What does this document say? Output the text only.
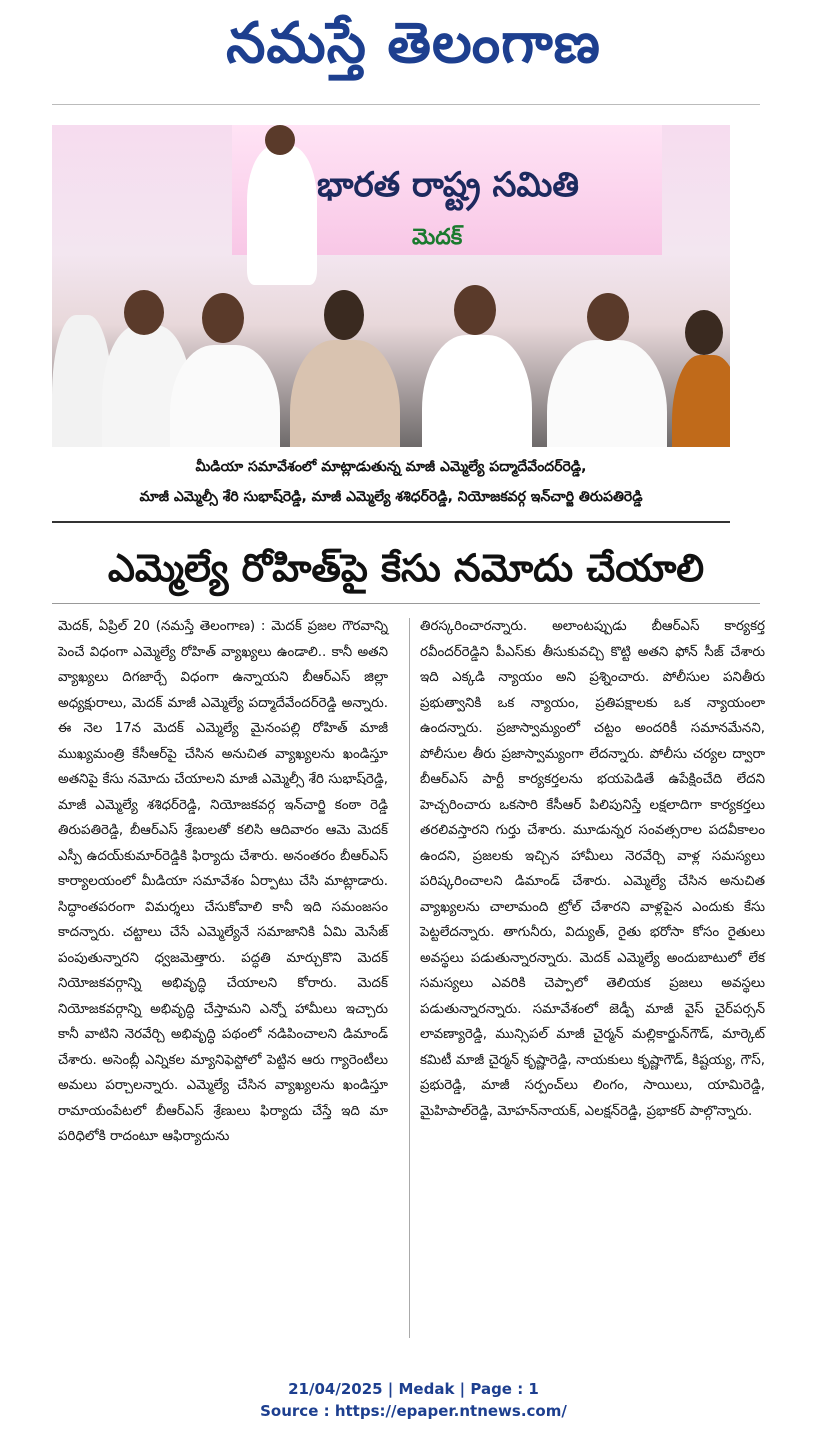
నమస్తే తెలంగాణ
భారత రాష్ట్ర సమితి
మెదక్
మీడియా సమావేశంలో మాట్లాడుతున్న మాజీ ఎమ్మెల్యే పద్మాదేవేందర్‌రెడ్డి,
మాజీ ఎమ్మెల్సీ శేరి సుభాష్‌రెడ్డి, మాజీ ఎమ్మెల్యే శశిధర్‌రెడ్డి, నియోజకవర్గ ఇన్‌చార్జి తిరుపతిరెడ్డి
ఎమ్మెల్యే రోహిత్‌పై కేసు నమోదు చేయాలి

మెదక్, ఏప్రిల్ 20 (నమస్తే తెలంగాణ) : మెదక్ ప్రజల గౌరవాన్ని పెంచే విధంగా ఎమ్మెల్యే రోహిత్ వ్యాఖ్యలు ఉండాలి.. కానీ అతని వ్యాఖ్యలు దిగజార్చే విధంగా ఉన్నాయని బీఆర్‌ఎస్ జిల్లా అధ్యక్షురాలు, మెదక్ మాజీ ఎమ్మెల్యే పద్మాదేవేందర్‌రెడ్డి అన్నారు. ఈ నెల 17న మెదక్ ఎమ్మెల్యే మైనంపల్లి రోహిత్ మాజీ ముఖ్యమంత్రి కేసీఆర్‌పై చేసిన అనుచిత వ్యాఖ్యలను ఖండిస్తూ అతనిపై కేసు నమోదు చేయాలని మాజీ ఎమ్మెల్సీ శేరి సుభాష్‌రెడ్డి, మాజీ ఎమ్మెల్యే శశిధర్‌రెడ్డి, నియోజకవర్గ ఇన్‌చార్జి కంఠా రెడ్డి తిరుపతిరెడ్డి, బీఆర్‌ఎస్ శ్రేణులతో కలిసి ఆదివారం ఆమె మెదక్ ఎస్పీ ఉదయ్‌కుమార్‌రెడ్డికి ఫిర్యాదు చేశారు. అనంతరం బీఆర్‌ఎస్ కార్యాలయంలో మీడియా సమావేశం ఏర్పాటు చేసి మాట్లాడారు. సిద్ధాంతపరంగా విమర్శలు చేసుకోవాలి కానీ ఇది సమంజసం కాదన్నారు. చట్టాలు చేసే ఎమ్మెల్యేనే సమాజానికి ఏమి మెసేజ్ పంపుతున్నారని ధ్వజమెత్తారు. పద్ధతి మార్చుకొని మెదక్ నియోజకవర్గాన్ని అభివృద్ధి చేయాలని కోరారు. మెదక్ నియోజకవర్గాన్ని అభివృద్ధి చేస్తామని ఎన్నో హామీలు ఇచ్చారు కానీ వాటిని నెరవేర్చి అభివృద్ధి పథంలో నడిపించాలని డిమాండ్ చేశారు. అసెంబ్లీ ఎన్నికల మ్యానిఫెస్టోలో పెట్టిన ఆరు గ్యారెంటీలు అమలు పర్చాలన్నారు. ఎమ్మెల్యే చేసిన వ్యాఖ్యలను ఖండిస్తూ రామాయంపేటలో బీఆర్‌ఎస్ శ్రేణులు ఫిర్యాదు చేస్తే ఇది మా పరిధిలోకి రాదంటూ ఆఫిర్యాదును

తిరస్కరించారన్నారు. అలాంటప్పుడు బీఆర్‌ఎస్ కార్యకర్త రవీందర్‌రెడ్డిని పీఎస్‌కు తీసుకువచ్చి కొట్టి అతని ఫోన్ సీజ్ చేశారు ఇది ఎక్కడి న్యాయం అని ప్రశ్నించారు. పోలీసుల పనితీరు ప్రభుత్వానికి ఒక న్యాయం, ప్రతిపక్షాలకు ఒక న్యాయంలా ఉందన్నారు. ప్రజాస్వామ్యంలో చట్టం అందరికీ సమానమేనని, పోలీసుల తీరు ప్రజాస్వామ్యంగా లేదన్నారు. పోలీసు చర్యల ద్వారా బీఆర్‌ఎస్ పార్టీ కార్యకర్తలను భయపెడితే ఉపేక్షించేది లేదని హెచ్చరించారు ఒకసారి కేసీఆర్ పిలిపునిస్తే లక్షలాదిగా కార్యకర్తలు తరలివస్తారని గుర్తు చేశారు. మూడున్నర సంవత్సరాల పదవీకాలం ఉందని, ప్రజలకు ఇచ్చిన హామీలు నెరవేర్చి వాళ్ల సమస్యలు పరిష్కరించాలని డిమాండ్ చేశారు. ఎమ్మెల్యే చేసిన అనుచిత వ్యాఖ్యలను చాలామంది ట్రోల్ చేశారని వాళ్లపైన ఎందుకు కేసు పెట్టలేదన్నారు. తాగునీరు, విద్యుత్, రైతు భరోసా కోసం రైతులు అవస్థలు పడుతున్నారన్నారు. మెదక్ ఎమ్మెల్యే అందుబాటులో లేక సమస్యలు ఎవరికి చెప్పాలో తెలియక ప్రజలు అవస్థలు పడుతున్నారన్నారు. సమావేశంలో జెడ్పీ మాజీ వైస్ చైర్‌పర్సన్ లావణ్యారెడ్డి, మున్సిపల్ మాజీ చైర్మన్ మల్లికార్జున్‌గౌడ్, మార్కెట్ కమిటీ మాజీ చైర్మన్ కృష్ణారెడ్డి, నాయకులు కృష్ణాగౌడ్, కిష్టయ్య, గౌస్, ప్రభురెడ్డి, మాజీ సర్పంచ్‌లు లింగం, సాయిలు, యామిరెడ్డి, మైహిపాల్‌రెడ్డి, మోహన్‌నాయక్, ఎలక్షన్‌రెడ్డి, ప్రభాకర్ పాల్గొన్నారు.

21/04/2025 | Medak | Page : 1
Source : https://epaper.ntnews.com/
